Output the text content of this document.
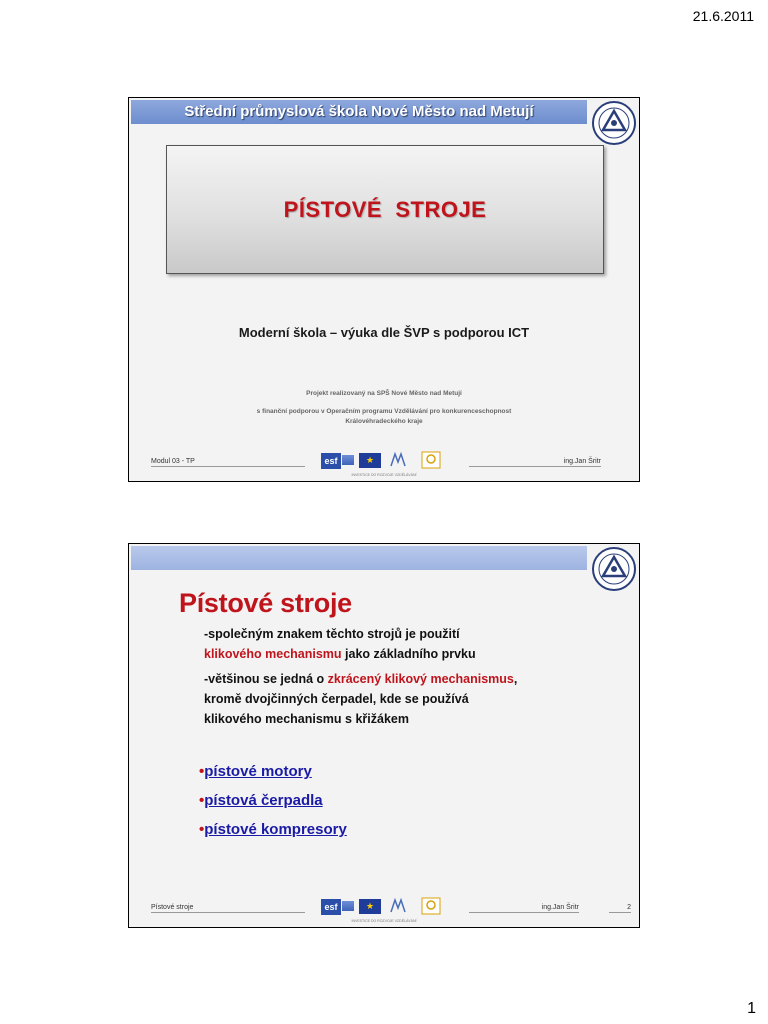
21.6.2011
Střední průmyslová škola Nové Město nad Metují
PÍSTOVÉ  STROJE
Moderní škola – výuka dle ŠVP s podporou ICT
Projekt realizovaný na SPŠ Nové Město nad Metují
s finanční podporou v Operačním programu Vzdělávání pro konkurenceschopnost
Královéhradeckého kraje
Modul 03 - TP	esf	★
INVESTICE DO ROZVOJE VZDĚLÁVÁNÍ
ing.Jan Šritr
Pístové stroje
-společným znakem těchto strojů je použití
klikového mechanismu jako základního prvku
-většinou se jedná o zkrácený klikový mechanismus,
kromě dvojčinných čerpadel, kde se používá
klikového mechanismu s křižákem
•pístové motory
•pístová čerpadla
•pístové kompresory
Pístové stroje	esf	★
INVESTICE DO ROZVOJE VZDĚLÁVÁNÍ
ing.Jan Šritr	2
1
